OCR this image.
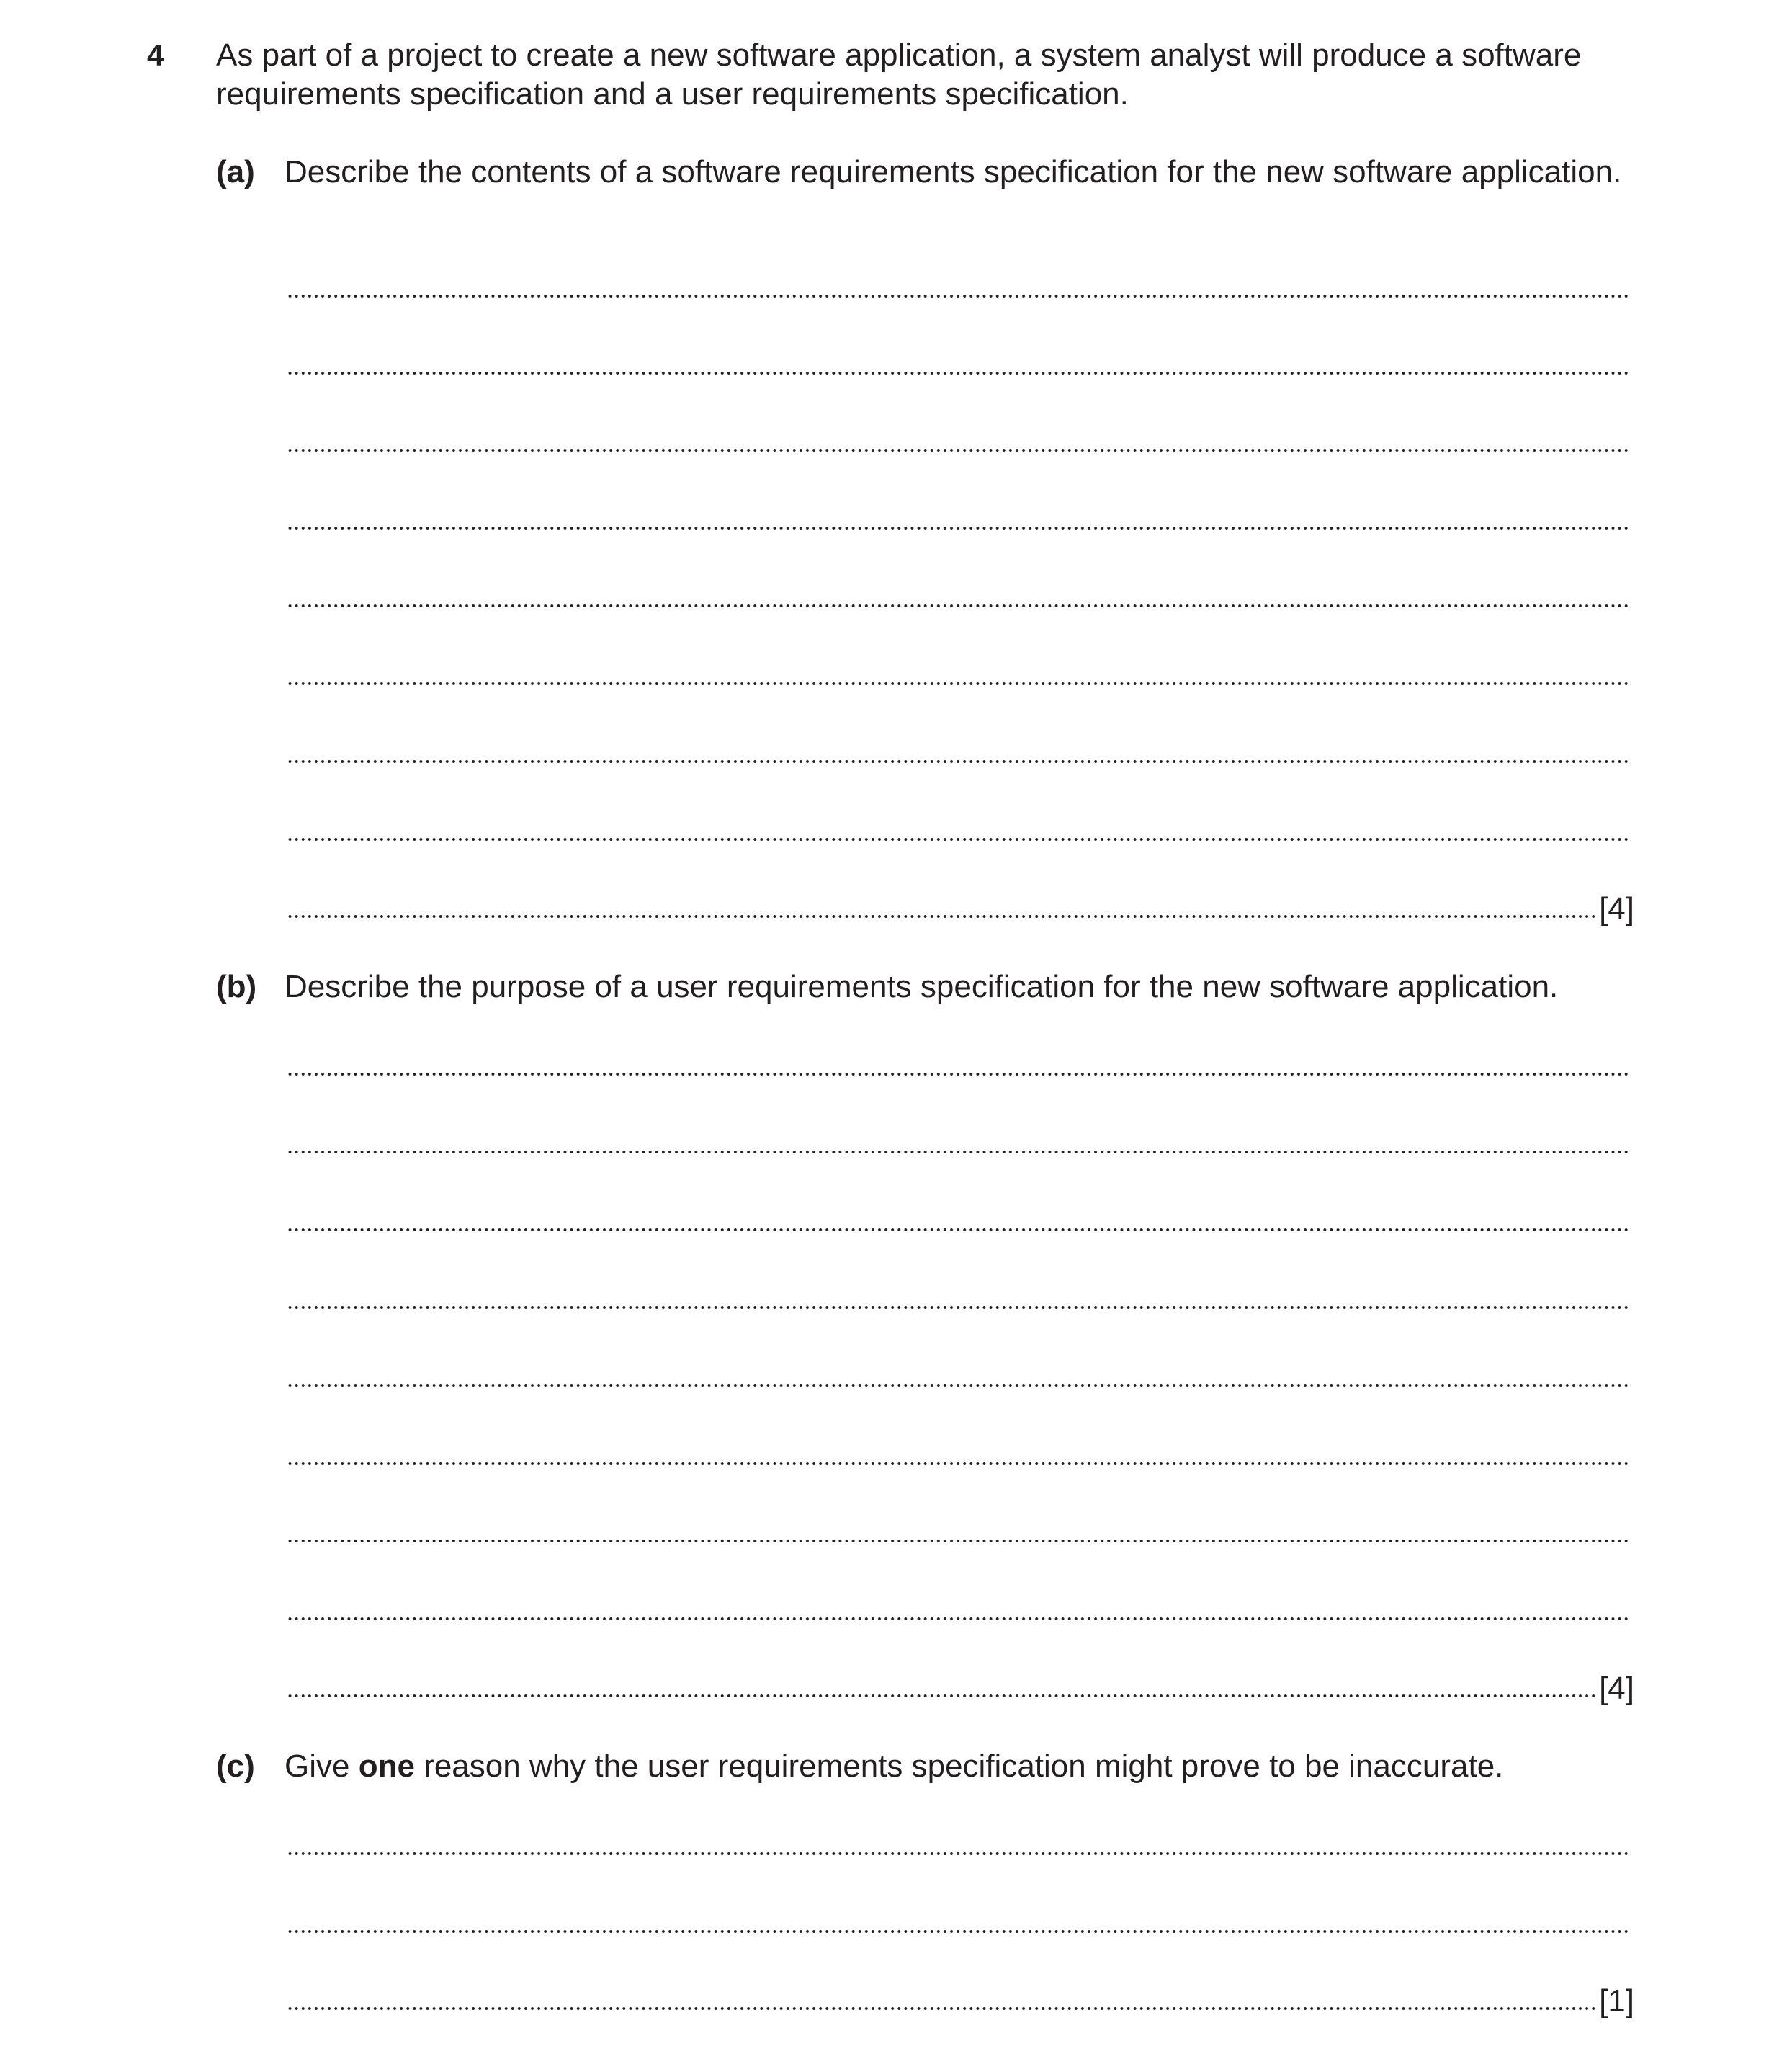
4 As part of a project to create a new software application, a system analyst will produce a software requirements specification and a user requirements specification.
(a) Describe the contents of a software requirements specification for the new software application.
[4]
(b) Describe the purpose of a user requirements specification for the new software application.
[4]
(c) Give one reason why the user requirements specification might prove to be inaccurate.
[1]
